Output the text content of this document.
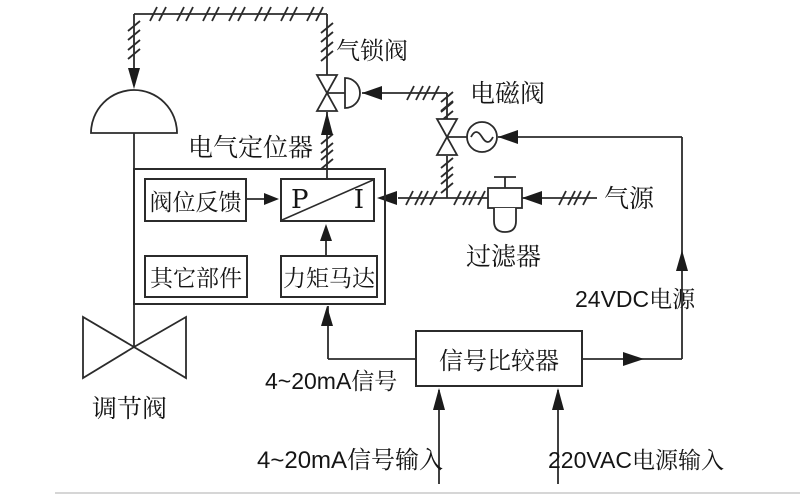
阀位反馈 P I
其它部件 力矩马达
信号比较器
电气定位器
气锁阀
电磁阀
气源
过滤器
24VDC电源
4~20mA信号
调节阀
4~20mA信号输入	220VAC电源输入
